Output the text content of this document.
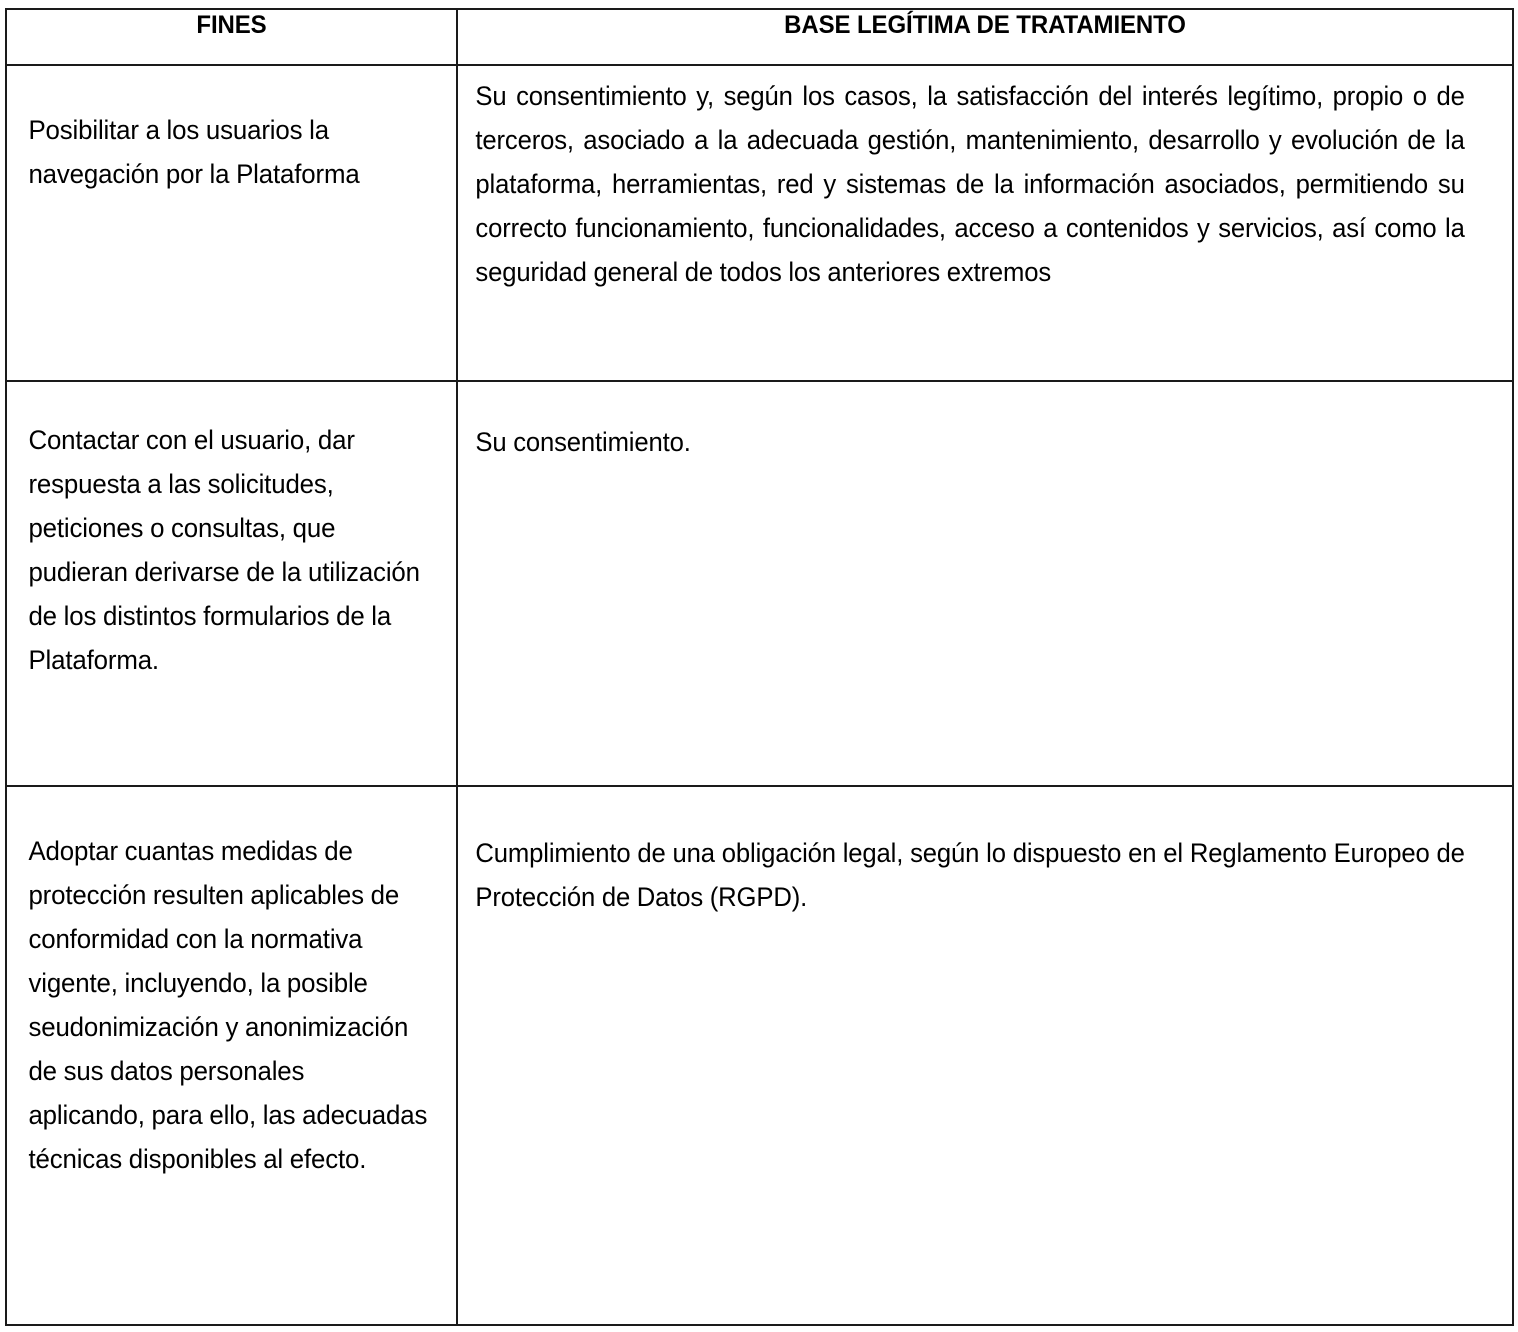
FINES	BASE LEGÍTIMA DE TRATAMIENTO

Posibilitar a los usuarios la navegación por la Plataforma	Su consentimiento y, según los casos, la satisfacción del interés legítimo, propio o de terceros, asociado a la adecuada gestión, mantenimiento, desarrollo y evolución de la plataforma, herramientas, red y sistemas de la información asociados, permitiendo su correcto funcionamiento, funcionalidades, acceso a contenidos y servicios, así como la seguridad general de todos los anteriores extremos

Contactar con el usuario, dar respuesta a las solicitudes, peticiones o consultas, que pudieran derivarse de la utilización de los distintos formularios de la Plataforma.	Su consentimiento.

Adoptar cuantas medidas de protección resulten aplicables de conformidad con la normativa vigente, incluyendo, la posible seudonimización y anonimización de sus datos personales aplicando, para ello, las adecuadas técnicas disponibles al efecto.	Cumplimiento de una obligación legal, según lo dispuesto en el Reglamento Europeo de Protección de Datos (RGPD).
